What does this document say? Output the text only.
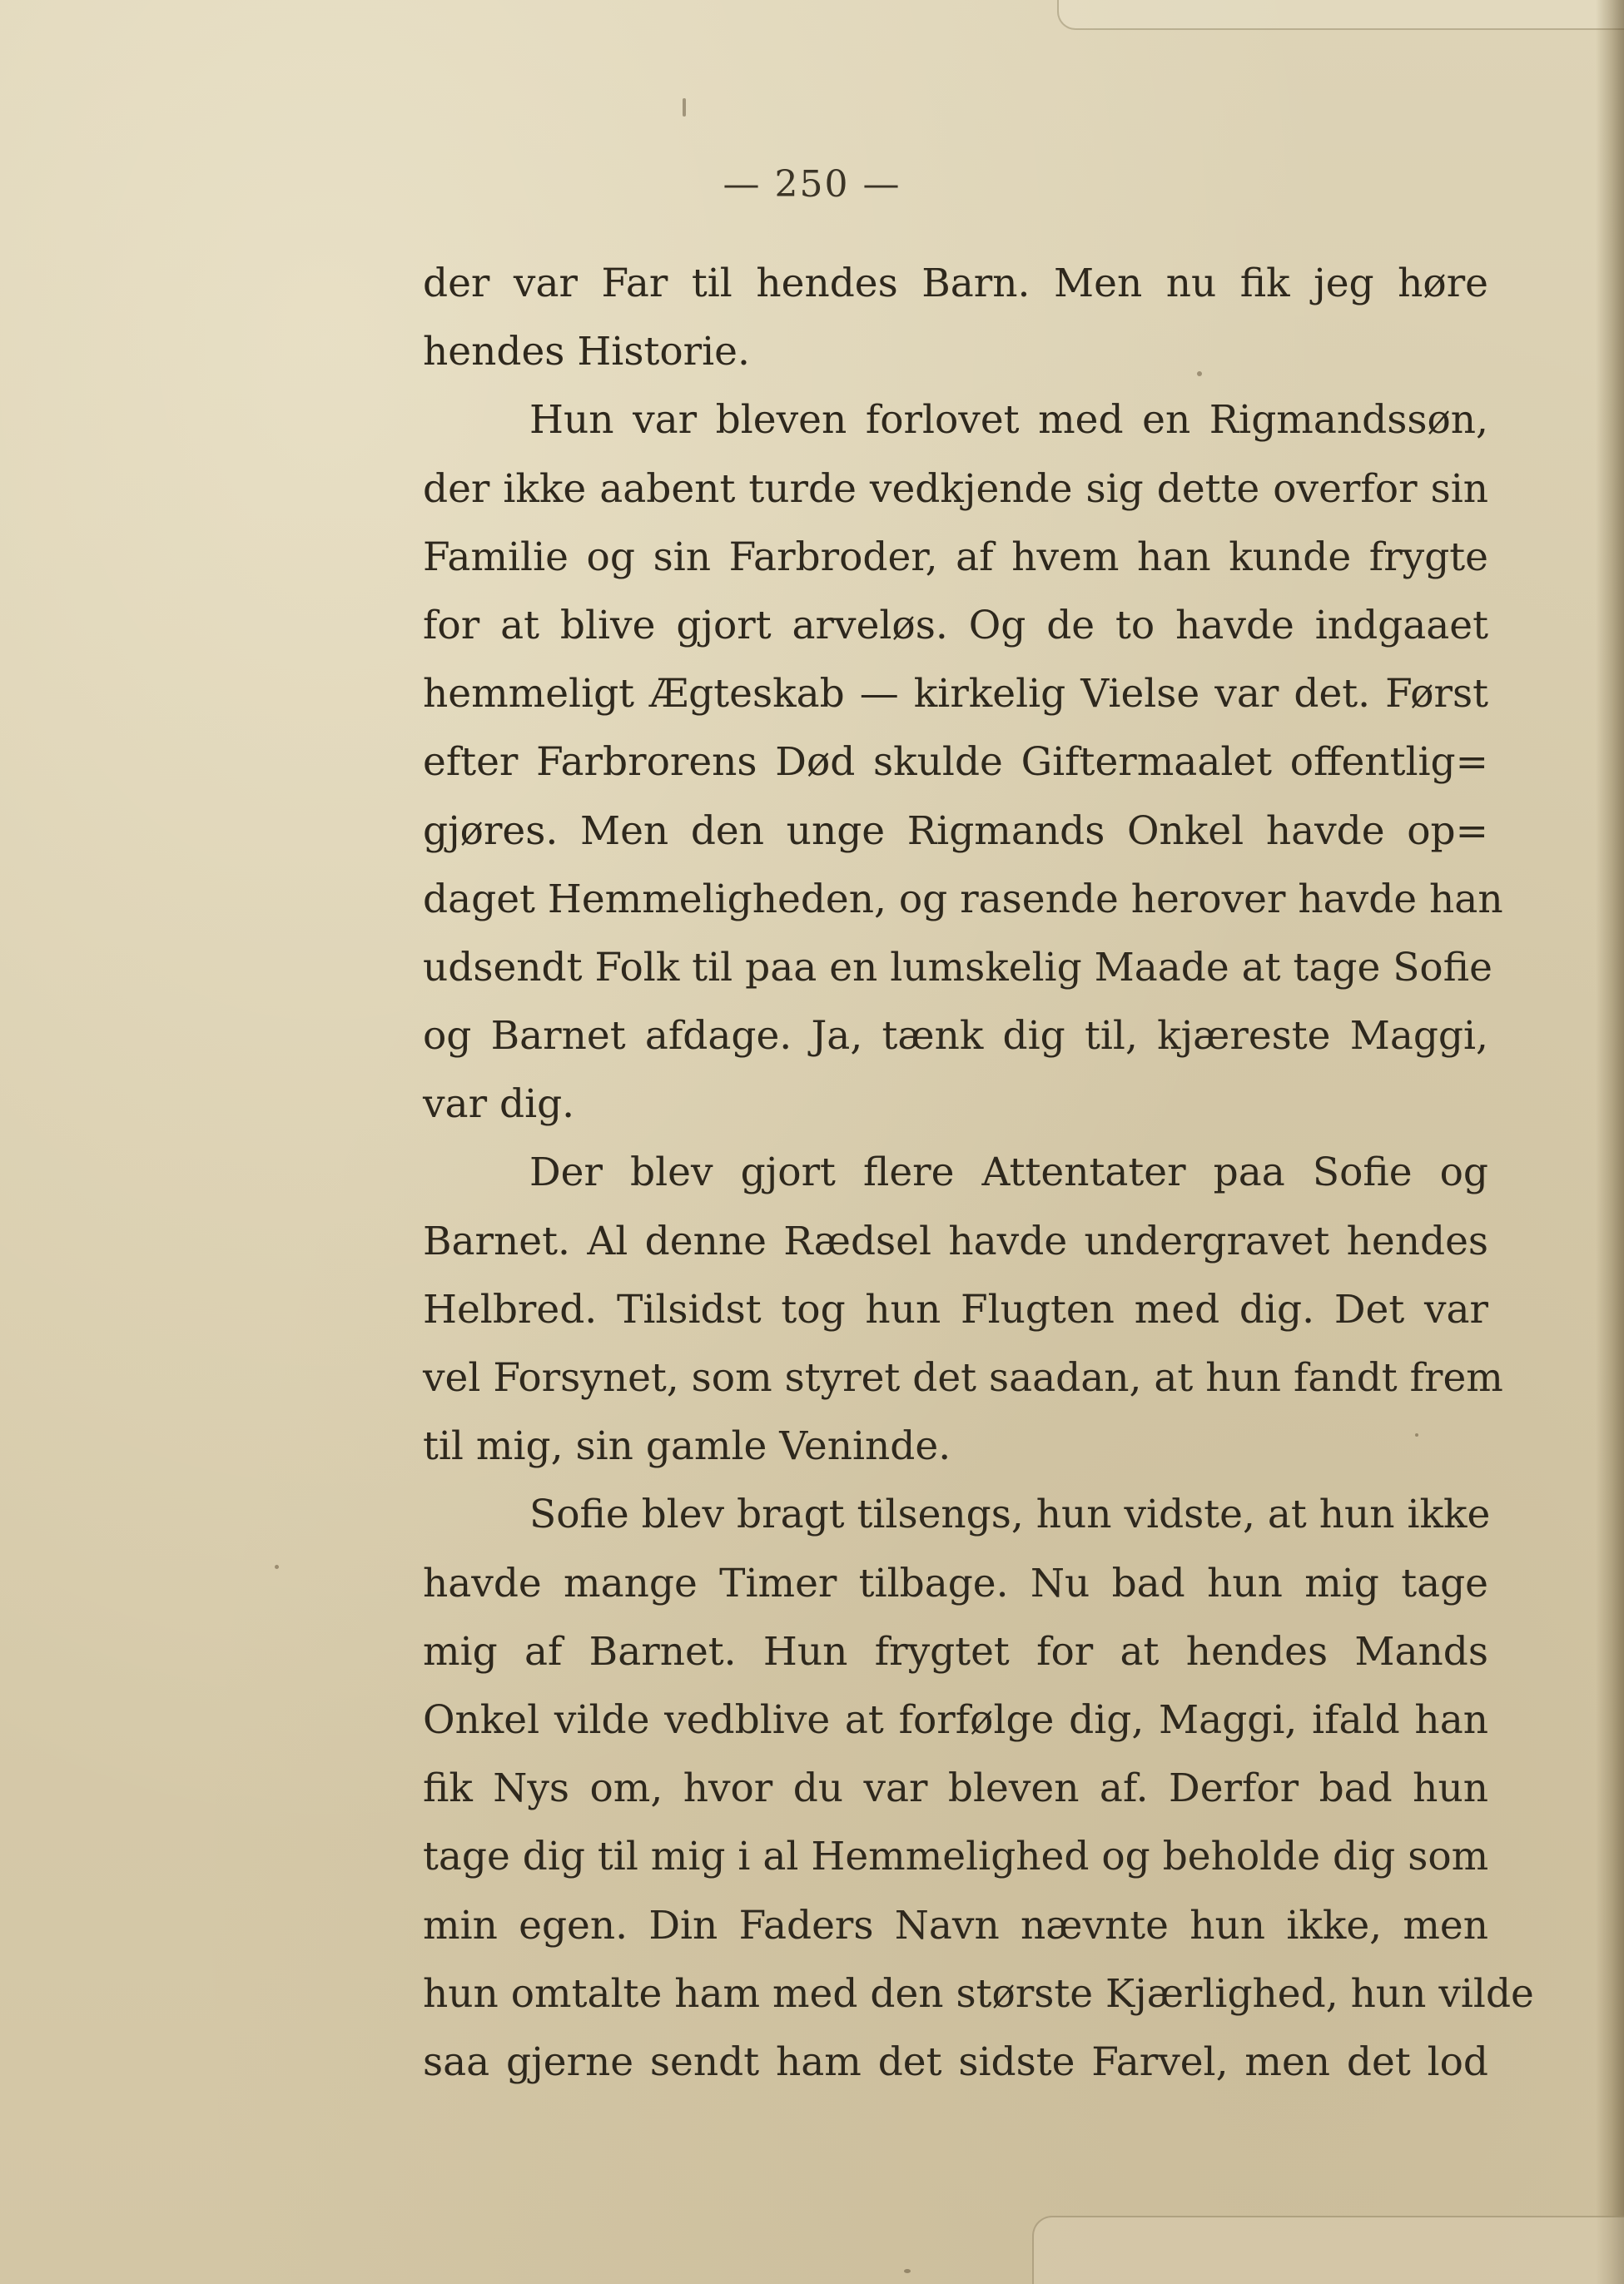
— 250 —
der var Far til hendes Barn. Men nu fik jeg høre
hendes Historie.
Hun var bleven forlovet med en Rigmandssøn,
der ikke aabent turde vedkjende sig dette overfor sin
Familie og sin Farbroder, af hvem han kunde frygte
for at blive gjort arveløs. Og de to havde indgaaet
hemmeligt Ægteskab — kirkelig Vielse var det. Først
efter Farbrorens Død skulde Giftermaalet offentlig=
gjøres. Men den unge Rigmands Onkel havde op=
daget Hemmeligheden, og rasende herover havde han
udsendt Folk til paa en lumskelig Maade at tage Sofie
og Barnet afdage. Ja, tænk dig til, kjæreste Maggi,
var dig.
Der blev gjort flere Attentater paa Sofie og
Barnet. Al denne Rædsel havde undergravet hendes
Helbred. Tilsidst tog hun Flugten med dig. Det var
vel Forsynet, som styret det saadan, at hun fandt frem
til mig, sin gamle Veninde.
Sofie blev bragt tilsengs, hun vidste, at hun ikke
havde mange Timer tilbage. Nu bad hun mig tage
mig af Barnet. Hun frygtet for at hendes Mands
Onkel vilde vedblive at forfølge dig, Maggi, ifald han
fik Nys om, hvor du var bleven af. Derfor bad hun
tage dig til mig i al Hemmelighed og beholde dig som
min egen. Din Faders Navn nævnte hun ikke, men
hun omtalte ham med den største Kjærlighed, hun vilde
saa gjerne sendt ham det sidste Farvel, men det lod
